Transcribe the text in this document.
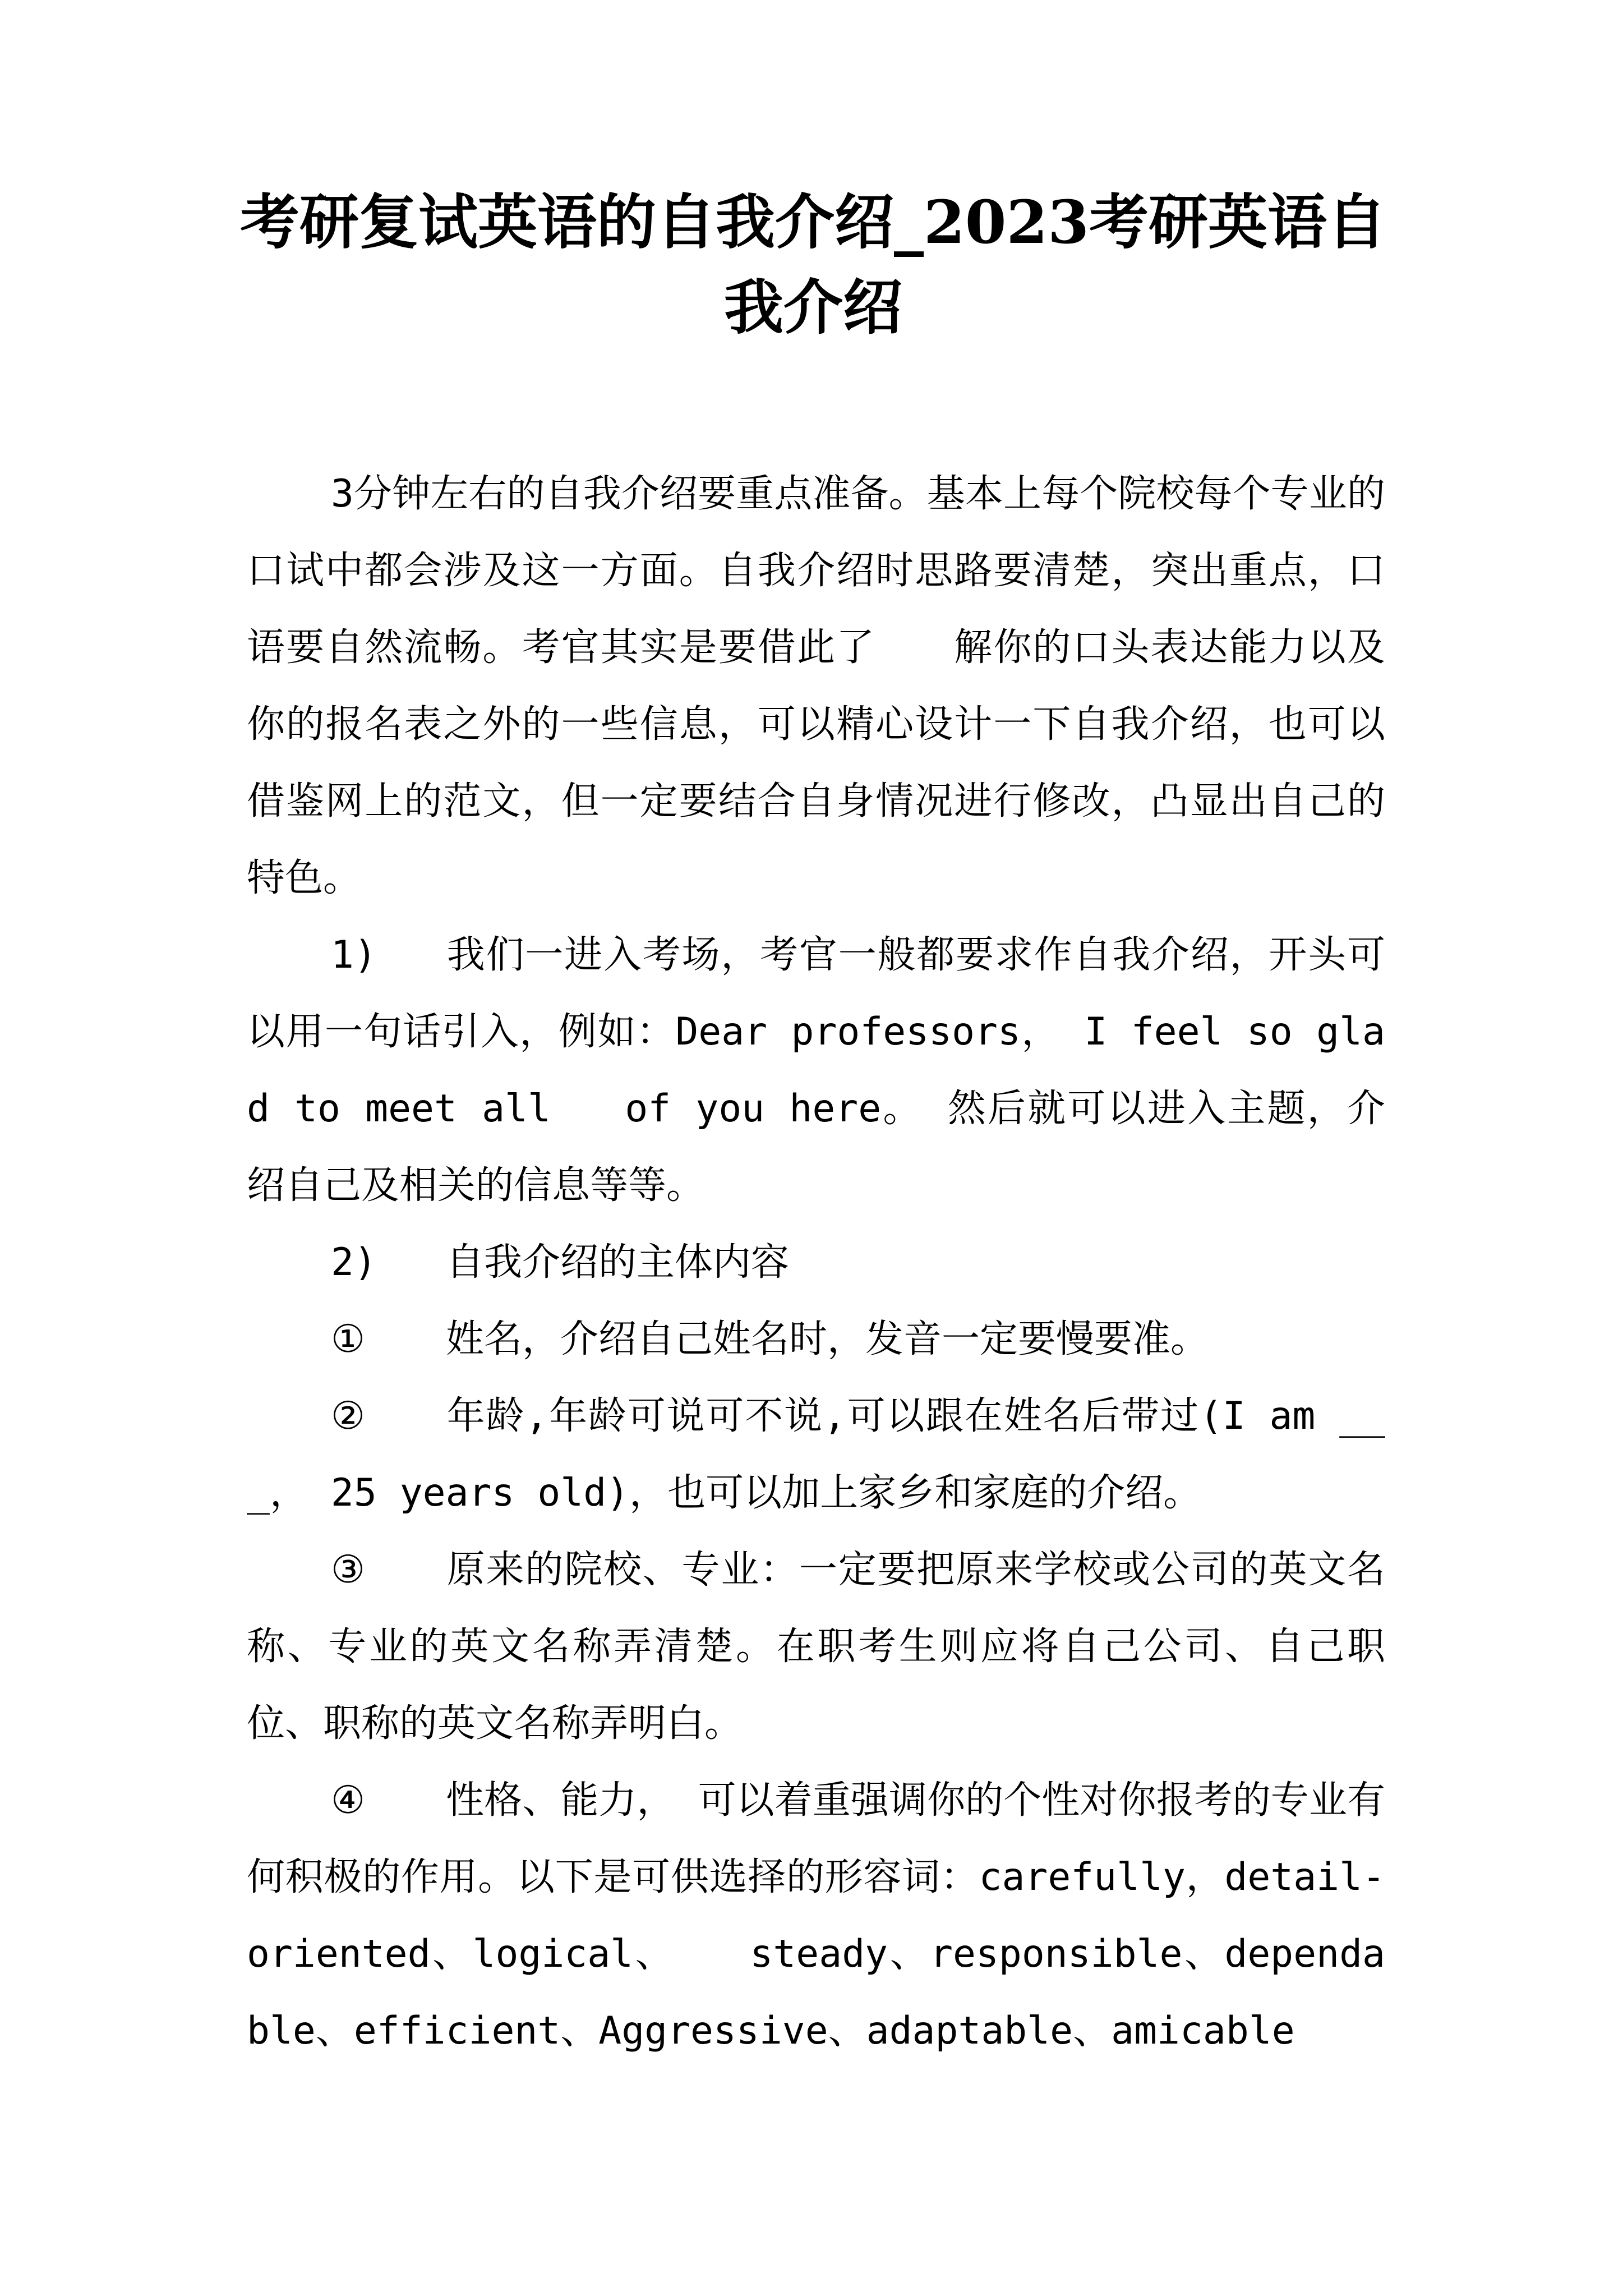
考研复试英语的自我介绍_2023考研英语自我介绍

3分钟左右的自我介绍要重点准备。基本上每个院校每个专业的口试中都会涉及这一方面。自我介绍时思路要清楚，突出重点，口语要自然流畅。考官其实是要借此了　　解你的口头表达能力以及你的报名表之外的一些信息，可以精心设计一下自我介绍，也可以借鉴网上的范文，但一定要结合自身情况进行修改，凸显出自己的特色。

1) 我们一进入考场，考官一般都要求作自我介绍，开头可以用一句话引入，例如：Dear professors， I feel so glad to meet all   of you here。 然后就可以进入主题，介绍自己及相关的信息等等。

2) 自我介绍的主体内容

① 姓名，介绍自己姓名时，发音一定要慢要准。

② 年龄,年龄可说可不说,可以跟在姓名后带过(I am ___， 25 years old)，也可以加上家乡和家庭的介绍。

③ 原来的院校、专业：一定要把原来学校或公司的英文名称、专业的英文名称弄清楚。在职考生则应将自己公司、自己职位、职称的英文名称弄明白。

④ 性格、能力， 可以着重强调你的个性对你报考的专业有何积极的作用。以下是可供选择的形容词：carefully，detail-oriented、logical、   steady、responsible、dependable、efficient、Aggressive、adaptable、amicable
